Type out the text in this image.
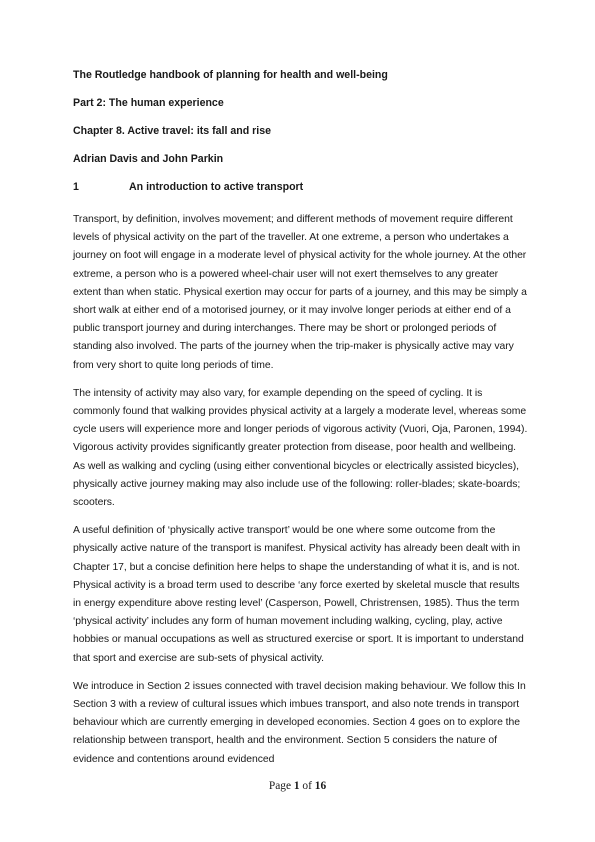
The Routledge handbook of planning for health and well-being

Part 2: The human experience

Chapter 8. Active travel: its fall and rise

Adrian Davis and John Parkin

1	An introduction to active transport

Transport, by definition, involves movement; and different methods of movement require different levels of physical activity on the part of the traveller. At one extreme, a person who undertakes a journey on foot will engage in a moderate level of physical activity for the whole journey. At the other extreme, a person who is a powered wheel-chair user will not exert themselves to any greater extent than when static. Physical exertion may occur for parts of a journey, and this may be simply a short walk at either end of a motorised journey, or it may involve longer periods at either end of a public transport journey and during interchanges. There may be short or prolonged periods of standing also involved. The parts of the journey when the trip-maker is physically active may vary from very short to quite long periods of time.

The intensity of activity may also vary, for example depending on the speed of cycling. It is commonly found that walking provides physical activity at a largely a moderate level, whereas some cycle users will experience more and longer periods of vigorous activity (Vuori, Oja, Paronen, 1994). Vigorous activity provides significantly greater protection from disease, poor health and wellbeing. As well as walking and cycling (using either conventional bicycles or electrically assisted bicycles), physically active journey making may also include use of the following: roller-blades; skate-boards; scooters.

A useful definition of ‘physically active transport’ would be one where some outcome from the physically active nature of the transport is manifest. Physical activity has already been dealt with in Chapter 17, but a concise definition here helps to shape the understanding of what it is, and is not. Physical activity is a broad term used to describe ‘any force exerted by skeletal muscle that results in energy expenditure above resting level’ (Casperson, Powell, Christrensen, 1985). Thus the term ‘physical activity’ includes any form of human movement including walking, cycling, play, active hobbies or manual occupations as well as structured exercise or sport. It is important to understand that sport and exercise are sub-sets of physical activity.

We introduce in Section 2 issues connected with travel decision making behaviour. We follow this In Section 3 with a review of cultural issues which imbues transport, and also note trends in transport behaviour which are currently emerging in developed economies. Section 4 goes on to explore the relationship between transport, health and the environment. Section 5 considers the nature of evidence and contentions around evidenced

Page 1 of 16
